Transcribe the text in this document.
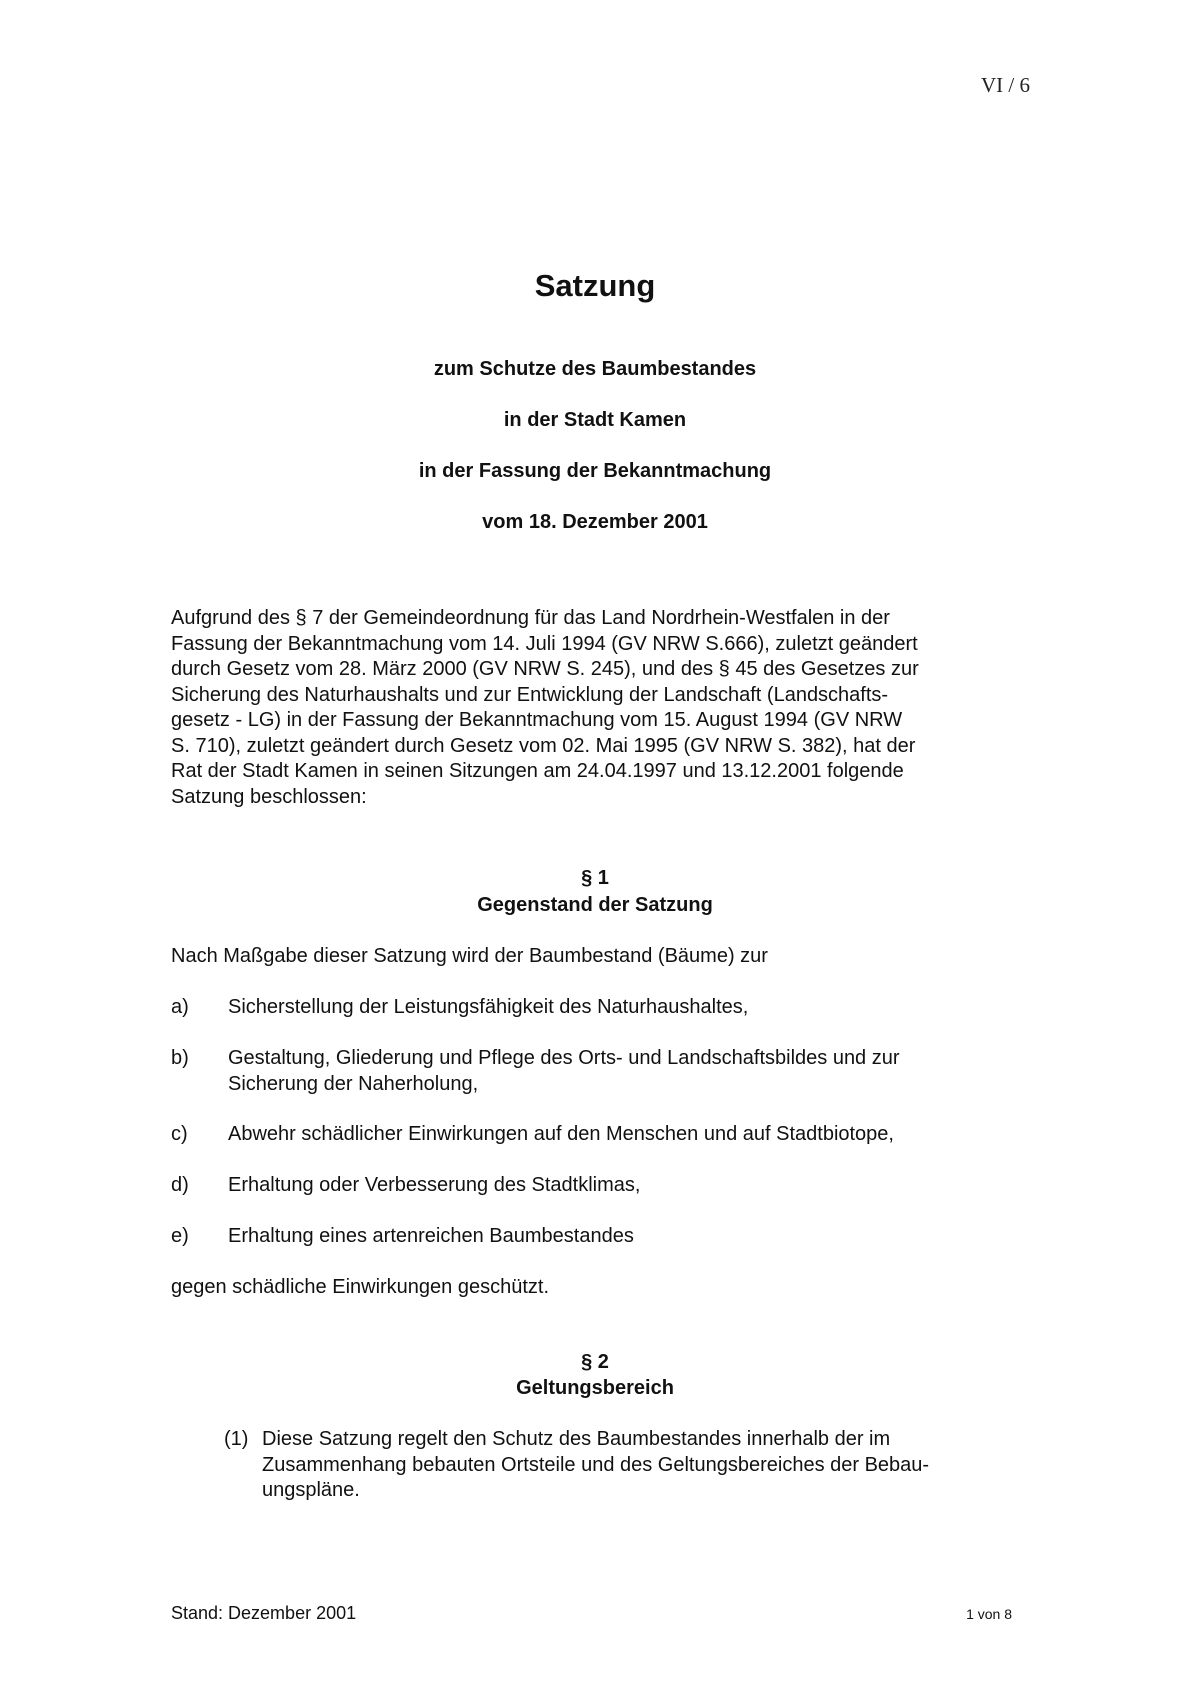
VI / 6
Satzung
zum Schutze des Baumbestandes
in der Stadt Kamen
in der Fassung der Bekanntmachung
vom 18. Dezember 2001
Aufgrund des § 7 der Gemeindeordnung für das Land Nordrhein-Westfalen in der
Fassung der Bekanntmachung vom 14. Juli 1994 (GV NRW S.666), zuletzt geändert
durch Gesetz vom 28. März 2000 (GV NRW S. 245), und des § 45 des Gesetzes zur
Sicherung des Naturhaushalts und zur Entwicklung der Landschaft (Landschafts-
gesetz - LG) in der Fassung der Bekanntmachung vom 15. August 1994 (GV NRW
S. 710), zuletzt geändert durch Gesetz vom 02. Mai 1995 (GV NRW S. 382), hat der
Rat der Stadt Kamen in seinen Sitzungen am 24.04.1997 und 13.12.2001 folgende
Satzung beschlossen:
§ 1
Gegenstand der Satzung
Nach Maßgabe dieser Satzung wird der Baumbestand (Bäume) zur
a) Sicherstellung der Leistungsfähigkeit des Naturhaushaltes,
b) Gestaltung, Gliederung und Pflege des Orts- und Landschaftsbildes und zur
Sicherung der Naherholung,
c) Abwehr schädlicher Einwirkungen auf den Menschen und auf Stadtbiotope,
d) Erhaltung oder Verbesserung des Stadtklimas,
e) Erhaltung eines artenreichen Baumbestandes
gegen schädliche Einwirkungen geschützt.
§ 2
Geltungsbereich
(1) Diese Satzung regelt den Schutz des Baumbestandes innerhalb der im
Zusammenhang bebauten Ortsteile und des Geltungsbereiches der Bebau-
ungspläne.
Stand: Dezember 2001	1 von 8
